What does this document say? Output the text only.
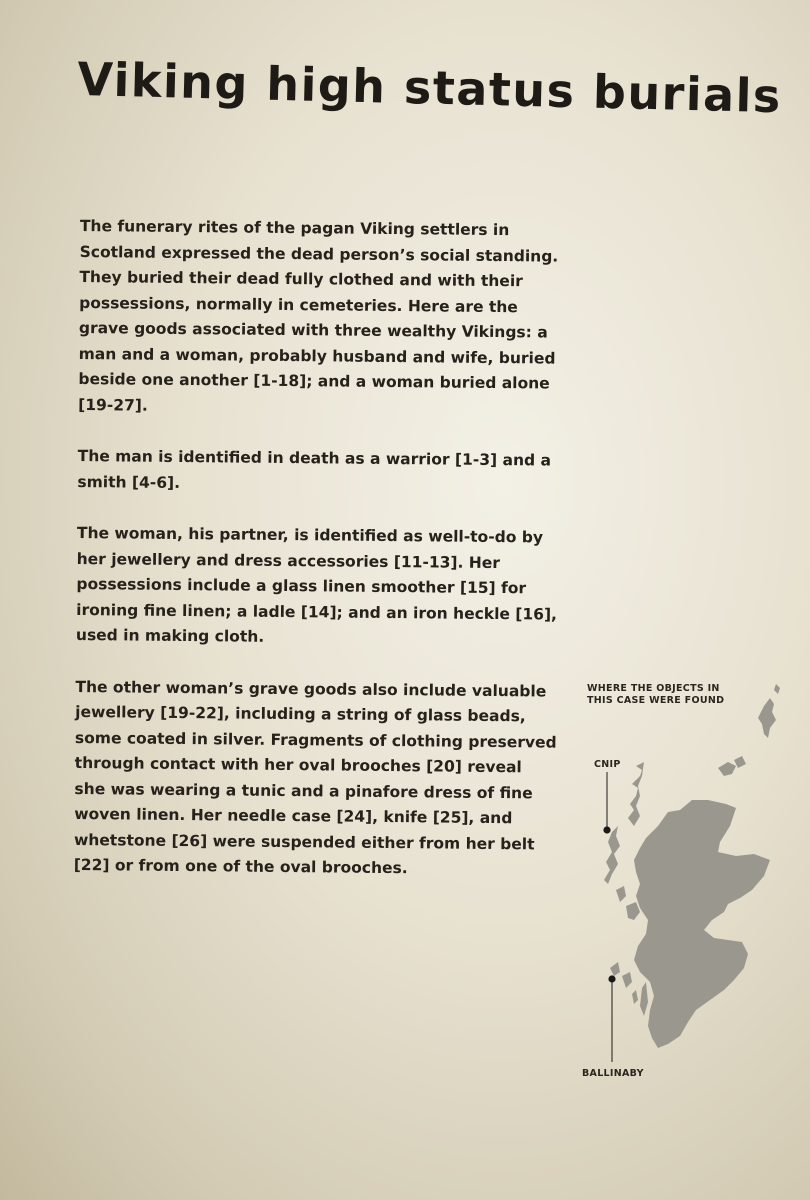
Viking high status burials

The funerary rites of the pagan Viking settlers in Scotland expressed the dead person’s social standing. They buried their dead fully clothed and with their possessions, normally in cemeteries. Here are the grave goods associated with three wealthy Vikings: a man and a woman, probably husband and wife, buried beside one another [1-18]; and a woman buried alone [19-27].

The man is identified in death as a warrior [1-3] and a smith [4-6].

The woman, his partner, is identified as well-to-do by her jewellery and dress accessories [11-13]. Her possessions include a glass linen smoother [15] for ironing fine linen; a ladle [14]; and an iron heckle [16], used in making cloth.

The other woman’s grave goods also include valuable jewellery [19-22], including a string of glass beads, some coated in silver. Fragments of clothing preserved through contact with her oval brooches [20] reveal she was wearing a tunic and a pinafore dress of fine woven linen. Her needle case [24], knife [25], and whetstone [26] were suspended either from her belt [22] or from one of the oval brooches.

WHERE THE OBJECTS IN
THIS CASE WERE FOUND

CNIP
BALLINABY
